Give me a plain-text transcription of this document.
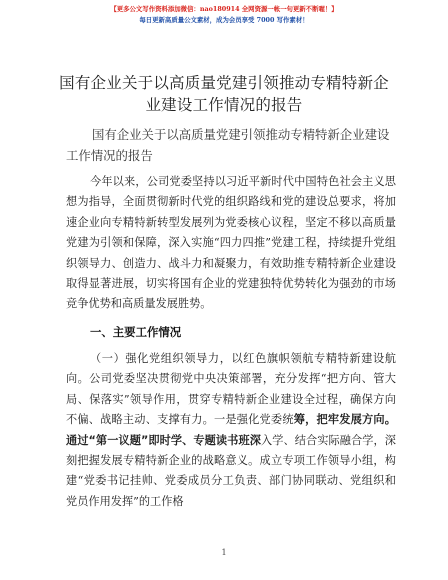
【更多公文写作资料添加微信：nao180914 全网资源一帐一句更新不断喔！】
每日更新高质量公文素材，成为会员享受 7000 写作素材！
国有企业关于以高质量党建引领推动专精特新企业建设工作情况的报告
国有企业关于以高质量党建引领推动专精特新企业建设工作情况的报告
今年以来，公司党委坚持以习近平新时代中国特色社会主义思想为指导，全面贯彻新时代党的组织路线和党的建设总要求，将加速企业向专精特新转型发展列为党委核心议程，坚定不移以高质量党建为引领和保障，深入实施“四力四推”党建工程，持续提升党组织领导力、创造力、战斗力和凝聚力，有效助推专精特新企业建设取得显著进展，切实将国有企业的党建独特优势转化为强劲的市场竞争优势和高质量发展胜势。
一、主要工作情况
（一）强化党组织领导力，以红色旗帜领航专精特新建设航向。公司党委坚决贯彻党中央决策部署，充分发挥“把方向、管大局、保落实”领导作用，贯穿专精特新企业建设全过程，确保方向不偏、战略主动、支撑有力。一是强化党委统筹，把牢发展方向。通过“第一议题”即时学、专题读书班深入学、结合实际融合学，深刻把握发展专精特新企业的战略意义。成立专项工作领导小组，构建“党委书记挂帅、党委成员分工负责、部门协同联动、党组织和党员作用发挥”的工作格
1
